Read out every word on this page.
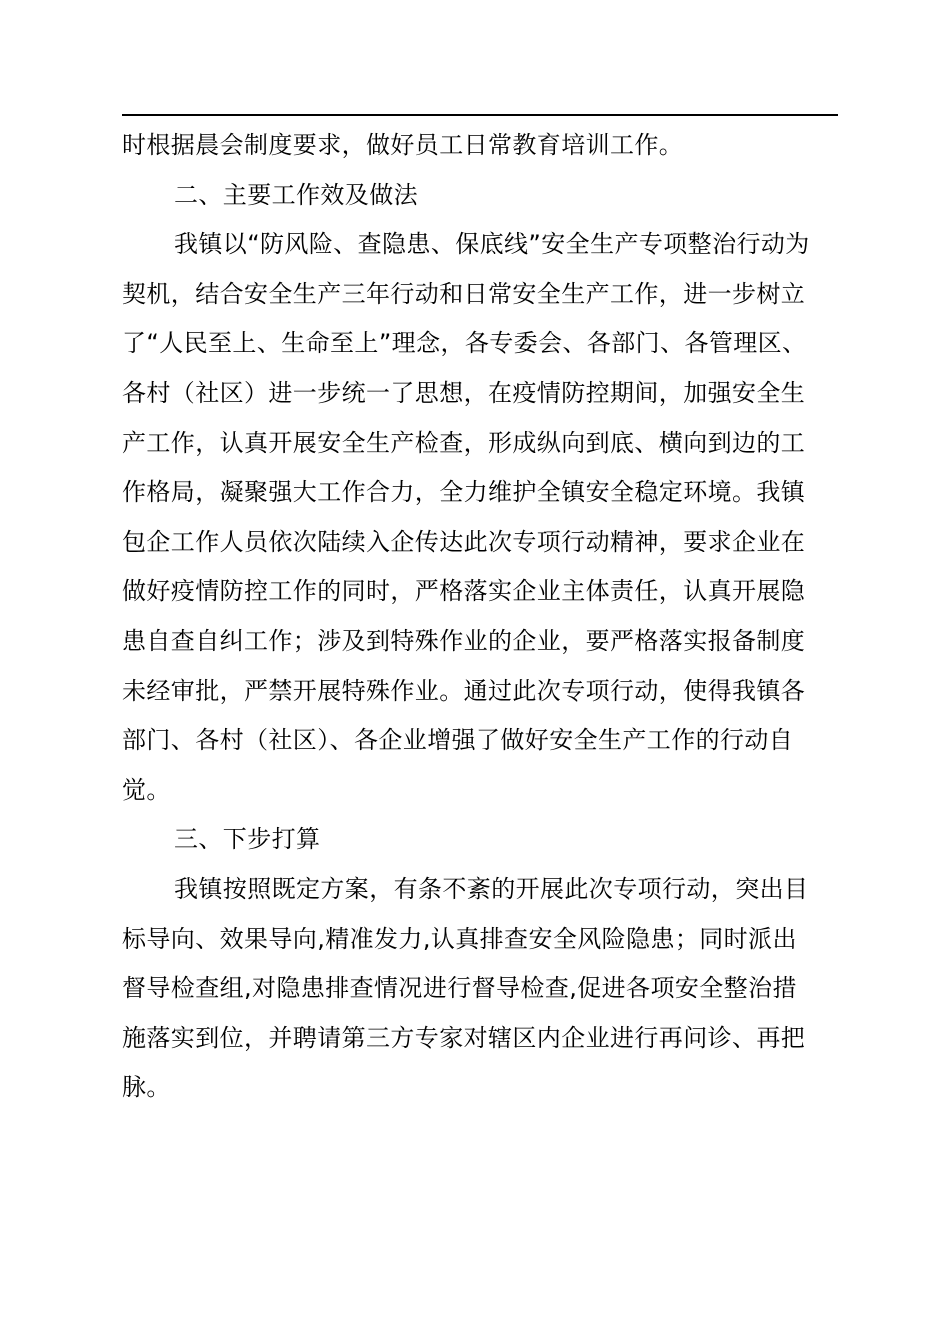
时根据晨会制度要求，做好员工日常教育培训工作。
二、主要工作效及做法
我镇以“防风险、查隐患、保底线”安全生产专项整治行动为
契机，结合安全生产三年行动和日常安全生产工作，进一步树立
了“人民至上、生命至上”理念，各专委会、各部门、各管理区、
各村（社区）进一步统一了思想，在疫情防控期间，加强安全生
产工作，认真开展安全生产检查，形成纵向到底、横向到边的工
作格局，凝聚强大工作合力，全力维护全镇安全稳定环境。我镇
包企工作人员依次陆续入企传达此次专项行动精神，要求企业在
做好疫情防控工作的同时，严格落实企业主体责任，认真开展隐
患自查自纠工作；涉及到特殊作业的企业，要严格落实报备制度
未经审批，严禁开展特殊作业。通过此次专项行动，使得我镇各
部门、各村（社区）、各企业增强了做好安全生产工作的行动自
觉。
三、下步打算
我镇按照既定方案，有条不紊的开展此次专项行动，突出目
标导向、效果导向,精准发力,认真排查安全风险隐患；同时派出
督导检查组,对隐患排查情况进行督导检查,促进各项安全整治措
施落实到位，并聘请第三方专家对辖区内企业进行再问诊、再把
脉。
